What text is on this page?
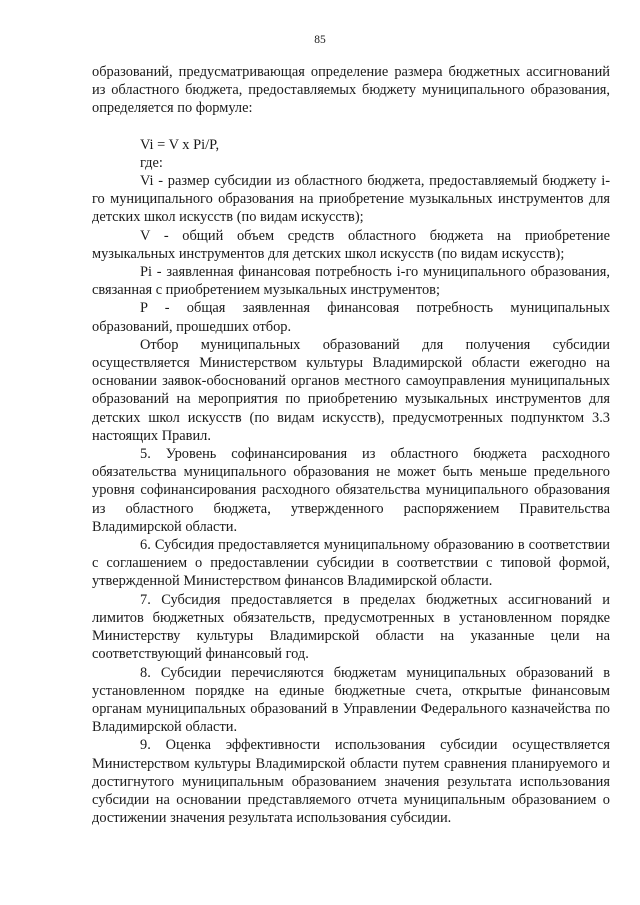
85

образований, предусматривающая определение размера бюджетных ассигнований из областного бюджета, предоставляемых бюджету муниципального образования, определяется по формуле:

Vi = V x Pi/P,

где:

Vi - размер субсидии из областного бюджета, предоставляемый бюджету i-го муниципального образования на приобретение музыкальных инструментов для детских школ искусств (по видам искусств);

V - общий объем средств областного бюджета на приобретение музыкальных инструментов для детских школ искусств (по видам искусств);

Pi - заявленная финансовая потребность i-го муниципального образования, связанная с приобретением музыкальных инструментов;

P - общая заявленная финансовая потребность муниципальных образований, прошедших отбор.

Отбор муниципальных образований для получения субсидии осуществляется Министерством культуры Владимирской области ежегодно на основании заявок-обоснований органов местного самоуправления муниципальных образований на мероприятия по приобретению музыкальных инструментов для детских школ искусств (по видам искусств), предусмотренных подпунктом 3.3 настоящих Правил.

5. Уровень софинансирования из областного бюджета расходного обязательства муниципального образования не может быть меньше предельного уровня софинансирования расходного обязательства муниципального образования из областного бюджета, утвержденного распоряжением Правительства Владимирской области.

6. Субсидия предоставляется муниципальному образованию в соответствии с соглашением о предоставлении субсидии в соответствии с типовой формой, утвержденной Министерством финансов Владимирской области.

7. Субсидия предоставляется в пределах бюджетных ассигнований и лимитов бюджетных обязательств, предусмотренных в установленном порядке Министерству культуры Владимирской области на указанные цели на соответствующий финансовый год.

8. Субсидии перечисляются бюджетам муниципальных образований в установленном порядке на единые бюджетные счета, открытые финансовым органам муниципальных образований в Управлении Федерального казначейства по Владимирской области.

9. Оценка эффективности использования субсидии осуществляется Министерством культуры Владимирской области путем сравнения планируемого и достигнутого муниципальным образованием значения результата использования субсидии на основании представляемого отчета муниципальным образованием о достижении значения результата использования субсидии.
